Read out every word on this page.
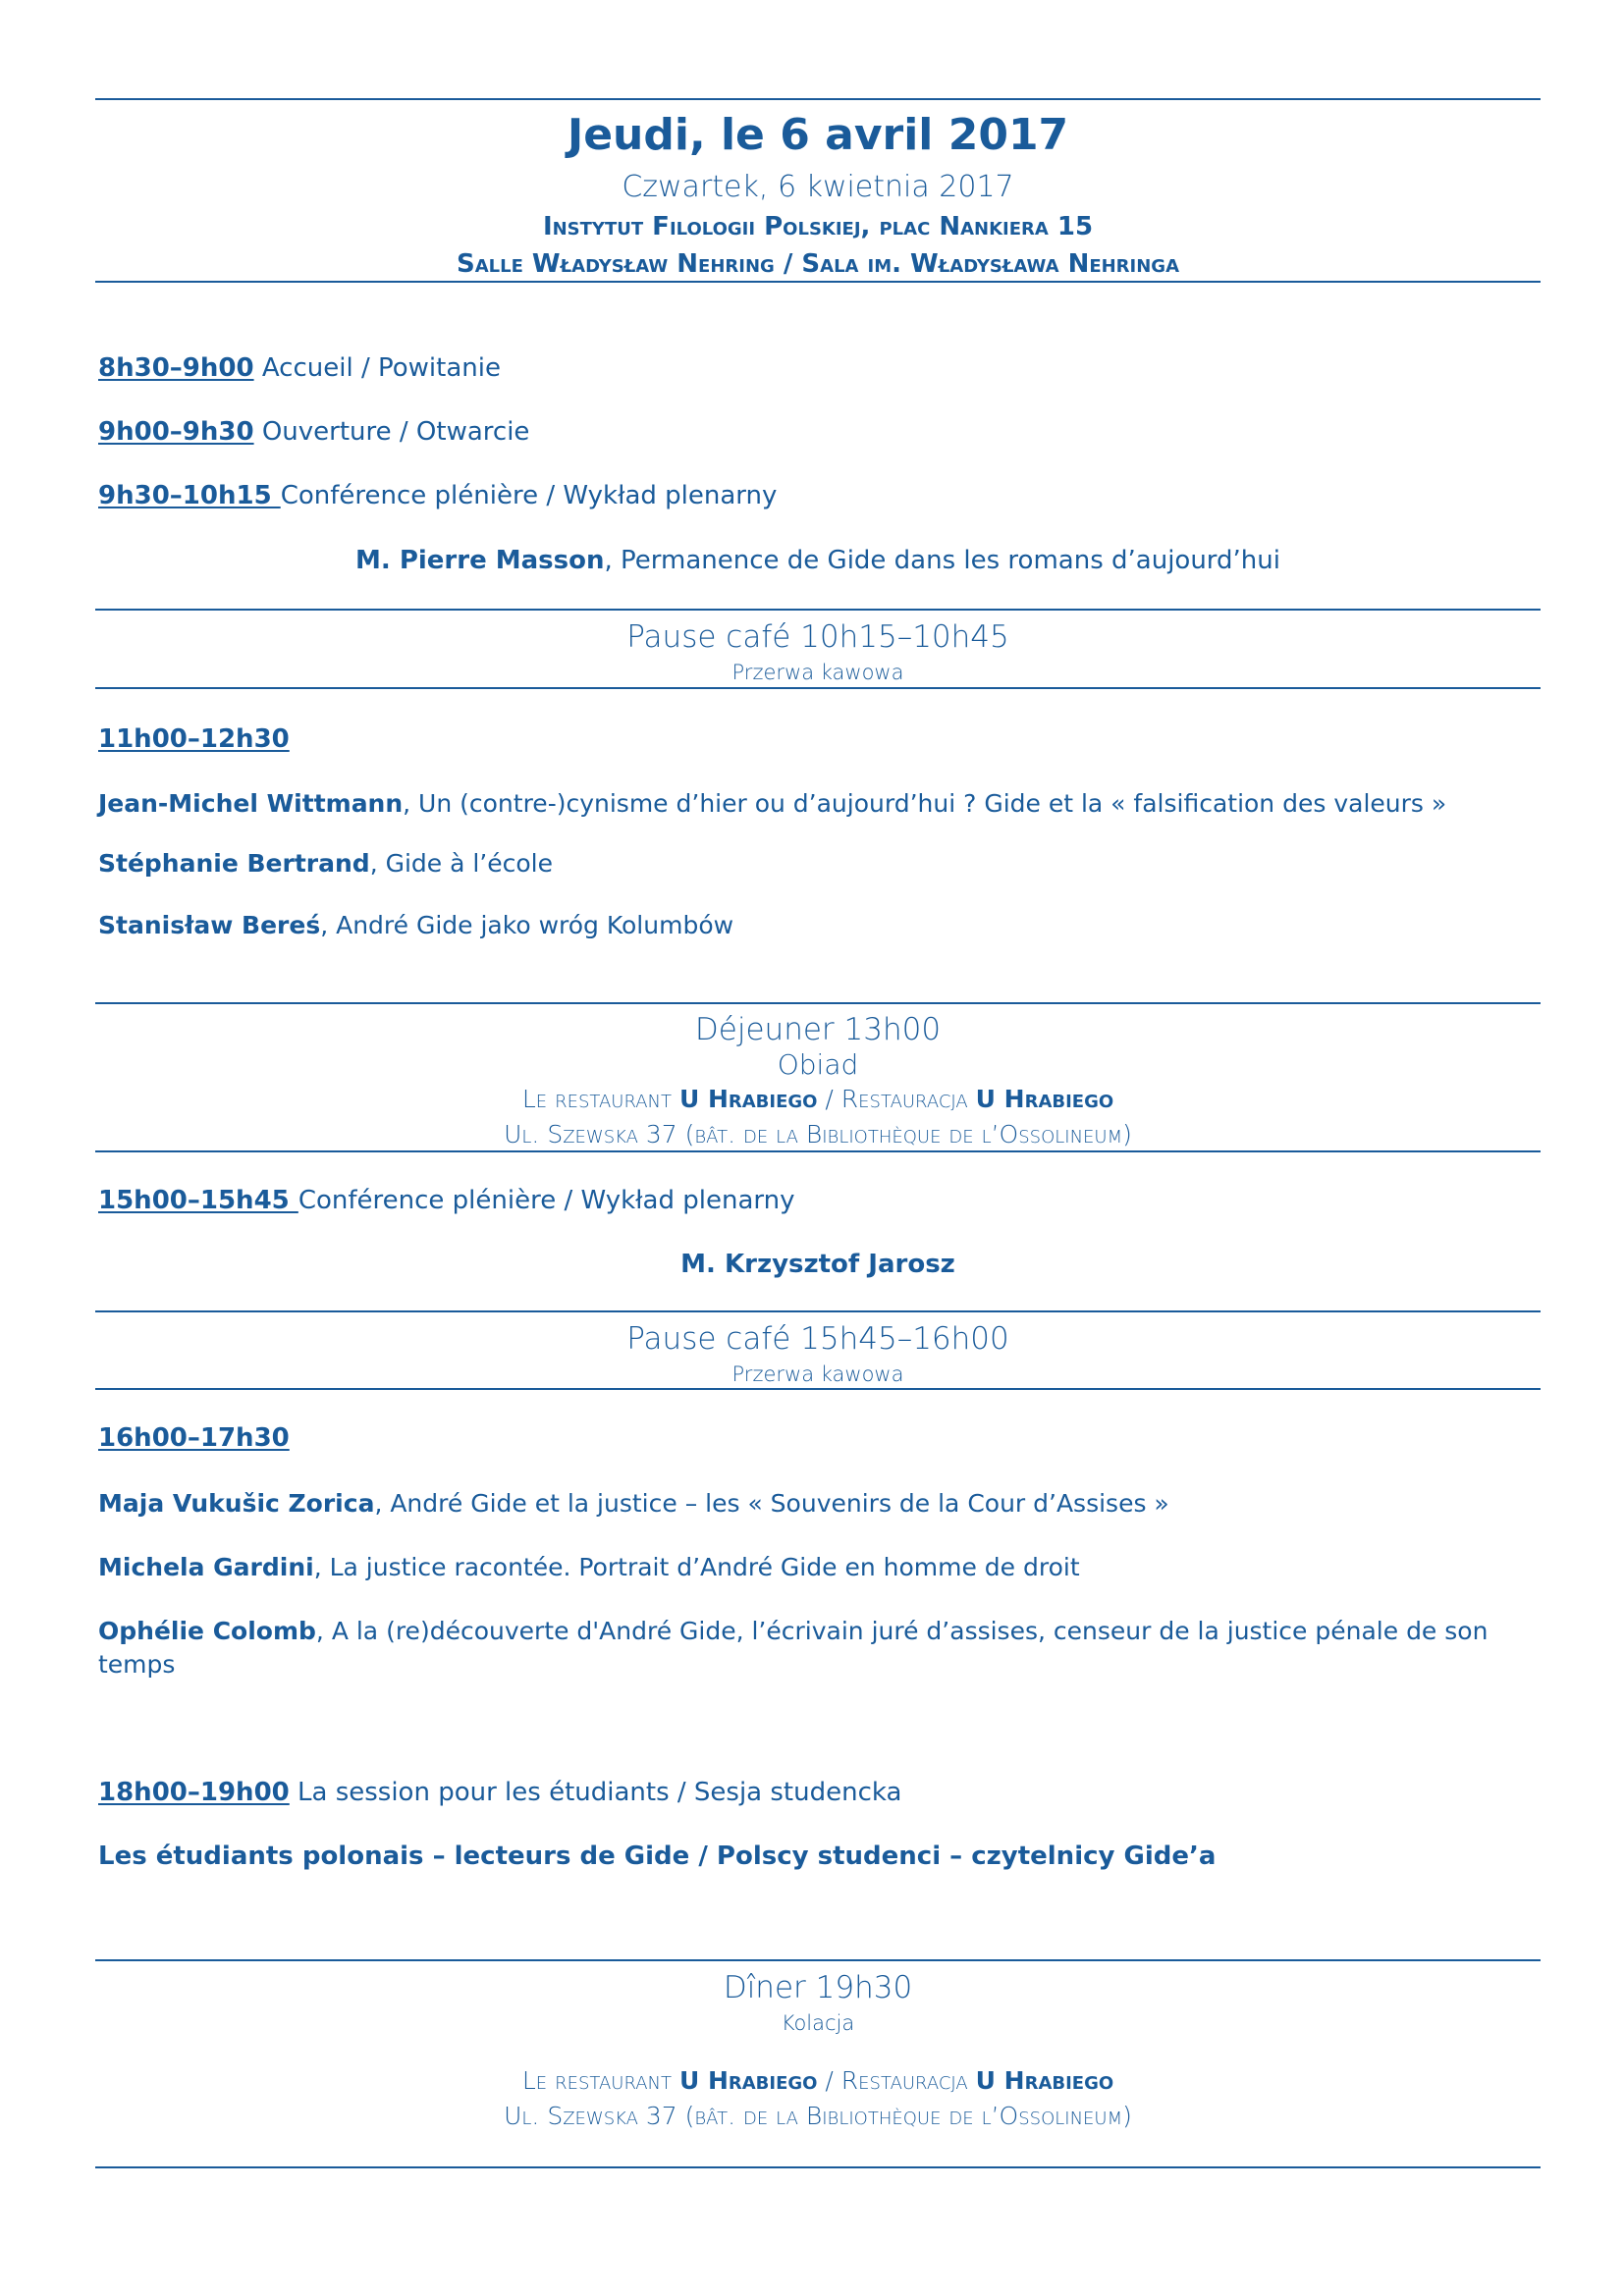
Jeudi, le 6 avril 2017
Czwartek, 6 kwietnia 2017
Instytut Filologii Polskiej, plac Nankiera 15
Salle Władysław Nehring / Sala im. Władysława Nehringa
8h30–9h00 Accueil / Powitanie
9h00–9h30 Ouverture / Otwarcie
9h30–10h15 Conférence plénière / Wykład plenarny
M. Pierre Masson, Permanence de Gide dans les romans d’aujourd’hui
Pause café 10h15–10h45
Przerwa kawowa
11h00–12h30
Jean-Michel Wittmann, Un (contre-)cynisme d’hier ou d’aujourd’hui ? Gide et la « falsification des valeurs »
Stéphanie Bertrand, Gide à l’école
Stanisław Bereś, André Gide jako wróg Kolumbów
Déjeuner 13h00
Obiad
Le restaurant U Hrabiego / Restauracja U Hrabiego
Ul. Szewska 37 (bât. de la Bibliothèque de l’Ossolineum)
15h00–15h45 Conférence plénière / Wykład plenarny
M. Krzysztof Jarosz
Pause café 15h45–16h00
Przerwa kawowa
16h00–17h30
Maja Vukušic Zorica, André Gide et la justice – les « Souvenirs de la Cour d’Assises »
Michela Gardini, La justice racontée. Portrait d’André Gide en homme de droit
Ophélie Colomb, A la (re)découverte d'André Gide, l’écrivain juré d’assises, censeur de la justice pénale de son temps
18h00–19h00 La session pour les étudiants / Sesja studencka
Les étudiants polonais – lecteurs de Gide / Polscy studenci – czytelnicy Gide’a
Dîner 19h30
Kolacja
Le restaurant U Hrabiego / Restauracja U Hrabiego
Ul. Szewska 37 (bât. de la Bibliothèque de l’Ossolineum)
